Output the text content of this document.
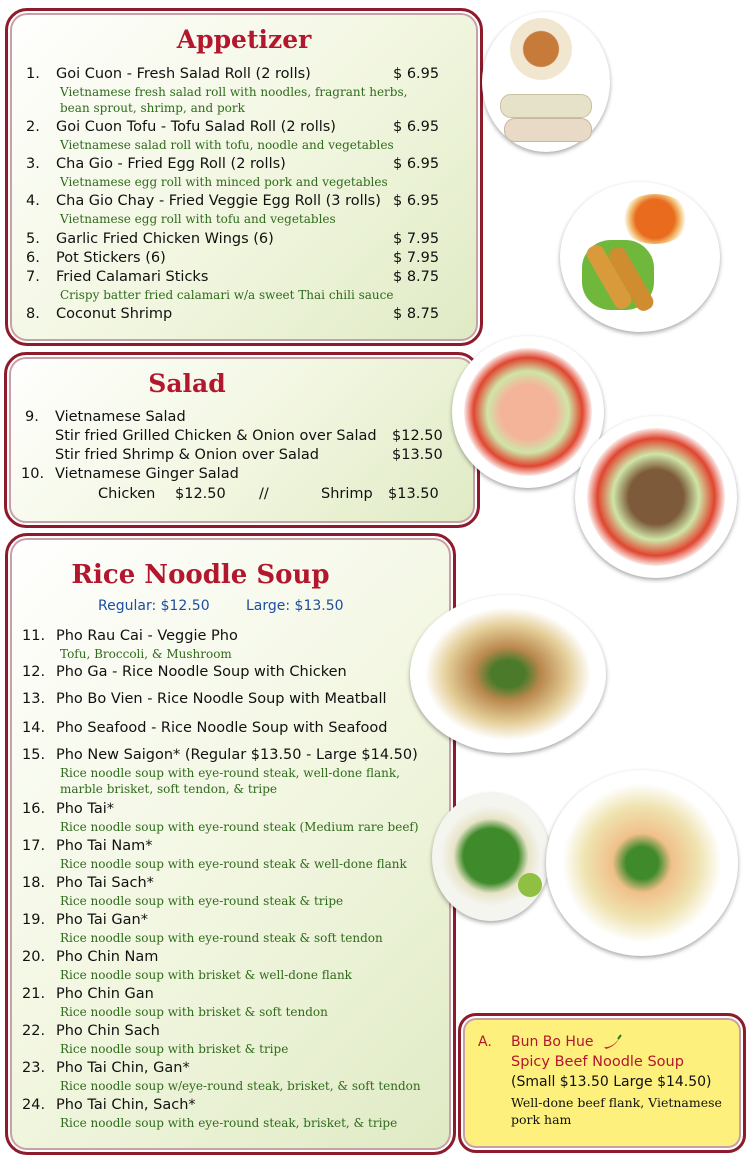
Appetizer
1.	Goi Cuon - Fresh Salad Roll (2 rolls)	$ 6.95
Vietnamese fresh salad roll with noodles, fragrant herbs,
bean sprout, shrimp, and pork
2.	Goi Cuon Tofu - Tofu Salad Roll (2 rolls)	$ 6.95
Vietnamese salad roll with tofu, noodle and vegetables
3.	Cha Gio - Fried Egg Roll (2 rolls)	$ 6.95
Vietnamese egg roll with minced pork and vegetables
4.	Cha Gio Chay - Fried Veggie Egg Roll (3 rolls) $ 6.95
Vietnamese egg roll with tofu and vegetables
5.	Garlic Fried Chicken Wings (6)	$ 7.95
6.	Pot Stickers (6)	$ 7.95
7.	Fried Calamari Sticks	$ 8.75
Crispy batter fried calamari w/a sweet Thai chili sauce
8.	Coconut Shrimp	$ 8.75
Salad
9.	Vietnamese Salad
Stir fried Grilled Chicken & Onion over Salad $12.50
Stir fried Shrimp & Onion over Salad	$13.50
10. Vietnamese Ginger Salad
Chicken $12.50 //	Shrimp $13.50
Rice Noodle Soup
Regular: $12.50	Large: $13.50
11. Pho Rau Cai - Veggie Pho
Tofu, Broccoli, & Mushroom
12. Pho Ga - Rice Noodle Soup with Chicken
13. Pho Bo Vien - Rice Noodle Soup with Meatball
14. Pho Seafood - Rice Noodle Soup with Seafood
15. Pho New Saigon* (Regular $13.50 - Large $14.50)
Rice noodle soup with eye-round steak, well-done flank,
marble brisket, soft tendon, & tripe
16. Pho Tai*
Rice noodle soup with eye-round steak (Medium rare beef)
17. Pho Tai Nam*
Rice noodle soup with eye-round steak & well-done flank
18. Pho Tai Sach*
Rice noodle soup with eye-round steak & tripe
19. Pho Tai Gan*
Rice noodle soup with eye-round steak & soft tendon
20. Pho Chin Nam
Rice noodle soup with brisket & well-done flank
21. Pho Chin Gan
Rice noodle soup with brisket & soft tendon
22. Pho Chin Sach
Rice noodle soup with brisket & tripe
23. Pho Tai Chin, Gan*
Rice noodle soup w/eye-round steak, brisket, & soft tendon
24. Pho Tai Chin, Sach*
Rice noodle soup with eye-round steak, brisket, & tripe
A. Bun Bo Hue
Spicy Beef Noodle Soup
(Small $13.50 Large $14.50)
Well-done beef flank, Vietnamese
pork ham
